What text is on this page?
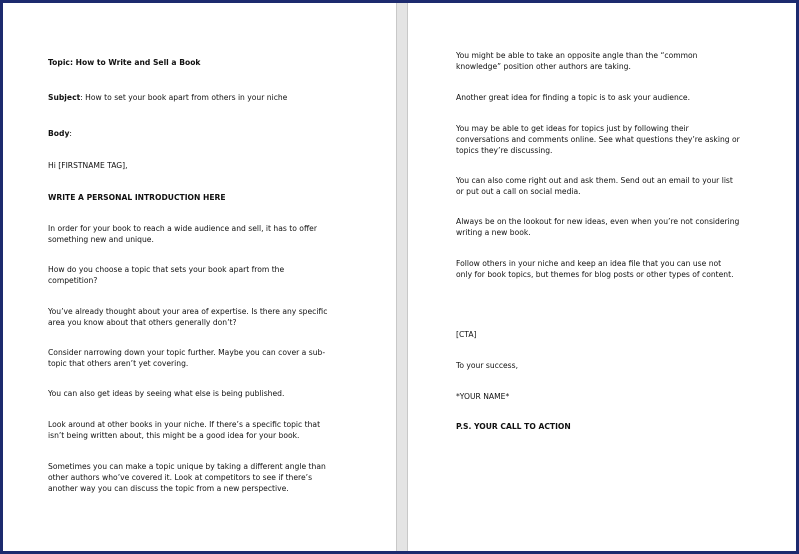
Topic: How to Write and Sell a Book

Subject: How to set your book apart from others in your niche

Body:

Hi [FIRSTNAME TAG],

WRITE A PERSONAL INTRODUCTION HERE

In order for your book to reach a wide audience and sell, it has to offer
something new and unique.

How do you choose a topic that sets your book apart from the
competition?

You’ve already thought about your area of expertise. Is there any specific
area you know about that others generally don’t?

Consider narrowing down your topic further. Maybe you can cover a sub-
topic that others aren’t yet covering.

You can also get ideas by seeing what else is being published.

Look around at other books in your niche. If there’s a specific topic that
isn’t being written about, this might be a good idea for your book.

Sometimes you can make a topic unique by taking a different angle than
other authors who’ve covered it. Look at competitors to see if there’s
another way you can discuss the topic from a new perspective.

You might be able to take an opposite angle than the “common
knowledge” position other authors are taking.

Another great idea for finding a topic is to ask your audience.

You may be able to get ideas for topics just by following their
conversations and comments online. See what questions they’re asking or
topics they’re discussing.

You can also come right out and ask them. Send out an email to your list
or put out a call on social media.

Always be on the lookout for new ideas, even when you’re not considering
writing a new book.

Follow others in your niche and keep an idea file that you can use not
only for book topics, but themes for blog posts or other types of content.

[CTA]

To your success,

*YOUR NAME*

P.S. YOUR CALL TO ACTION
